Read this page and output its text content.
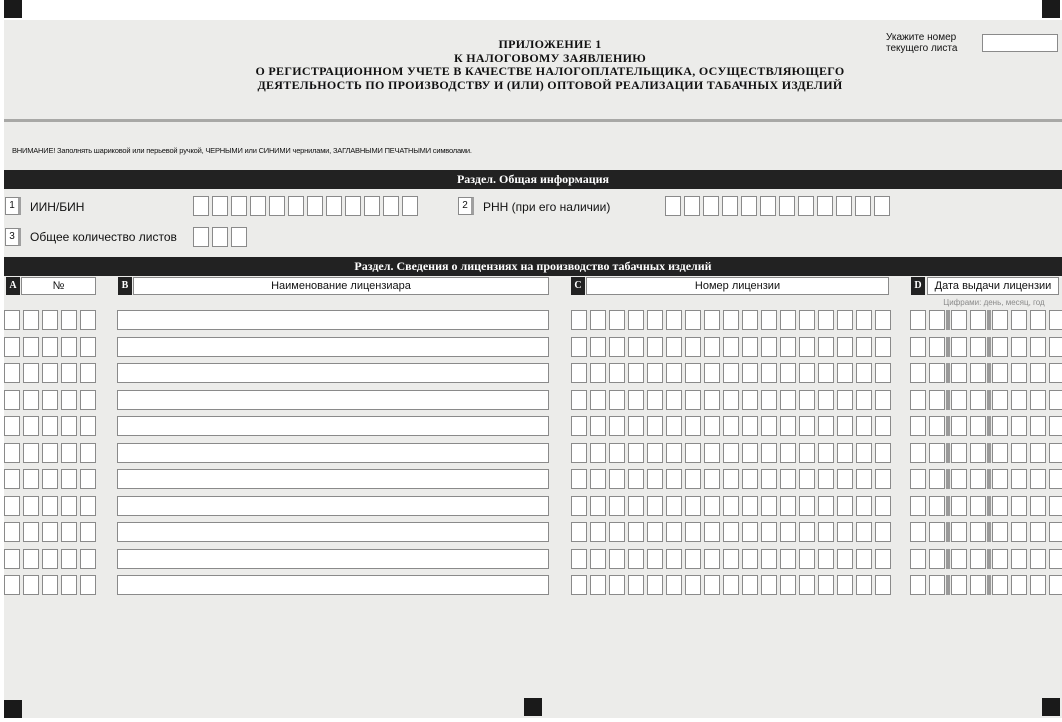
ПРИЛОЖЕНИЕ 1
К НАЛОГОВОМУ ЗАЯВЛЕНИЮ
О РЕГИСТРАЦИОННОМ УЧЕТЕ В КАЧЕСТВЕ НАЛОГОПЛАТЕЛЬЩИКА, ОСУЩЕСТВЛЯЮЩЕГО
ДЕЯТЕЛЬНОСТЬ ПО ПРОИЗВОДСТВУ И (ИЛИ) ОПТОВОЙ РЕАЛИЗАЦИИ ТАБАЧНЫХ ИЗДЕЛИЙ
Укажите номер текущего листа
ВНИМАНИЕ! Заполнять шариковой или перьевой ручкой, ЧЕРНЫМИ или СИНИМИ чернилами, ЗАГЛАВНЫМИ ПЕЧАТНЫМИ символами.
Раздел. Общая информация
1	ИИН/БИН	2	РНН (при его наличии)
3	Общее количество листов
Раздел. Сведения о лицензиях на производство табачных изделий
A	№	B	Наименование лицензиара	C	Номер лицензии	D	Дата выдачи лицензии
Цифрами: день, месяц, год
